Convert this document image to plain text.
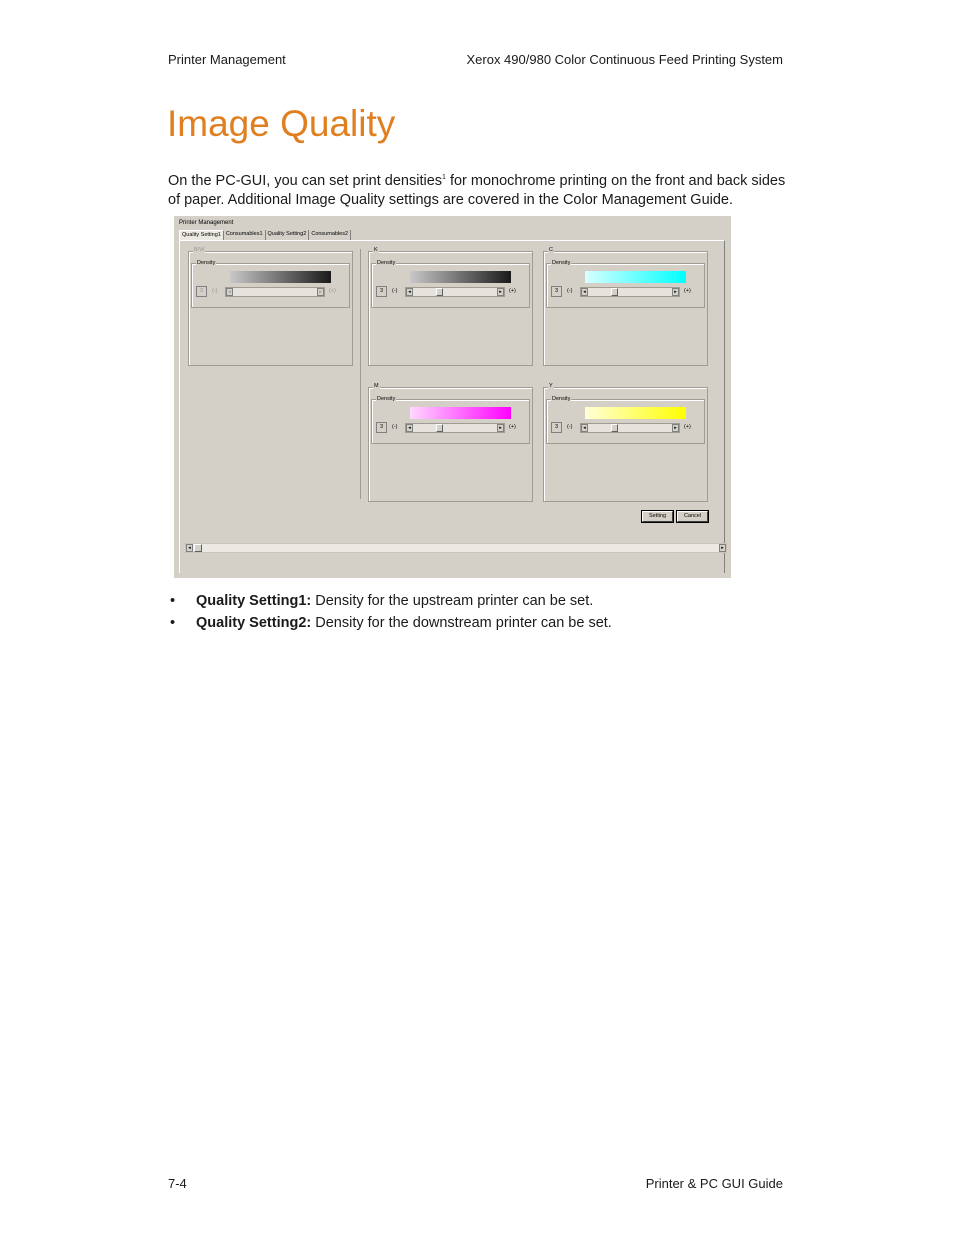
Printer Management	Xerox 490/980 Color Continuous Feed Printing System
Image Quality

On the PC-GUI, you can set print densities$^1$ for monochrome printing on the front and back sides of paper. Additional Image Quality settings are covered in the Color Management Guide.

Printer Management
Quality Setting1 Consumables1 Quality Setting2 Consumables2
B/W
Density
3	(-)	◂	▸	(+)
K
Density
3	(-)	◂	▸	(+)
C
Density
3	(-)	◂	▸	(+)
M
Density
3	(-)	◂	▸	(+)
Y
Density
3	(-)	◂	▸	(+)
Setting	Cancel
◂	▸
• Quality Setting1: Density for the upstream printer can be set.
• Quality Setting2: Density for the downstream printer can be set.
7-4	Printer & PC GUI Guide
